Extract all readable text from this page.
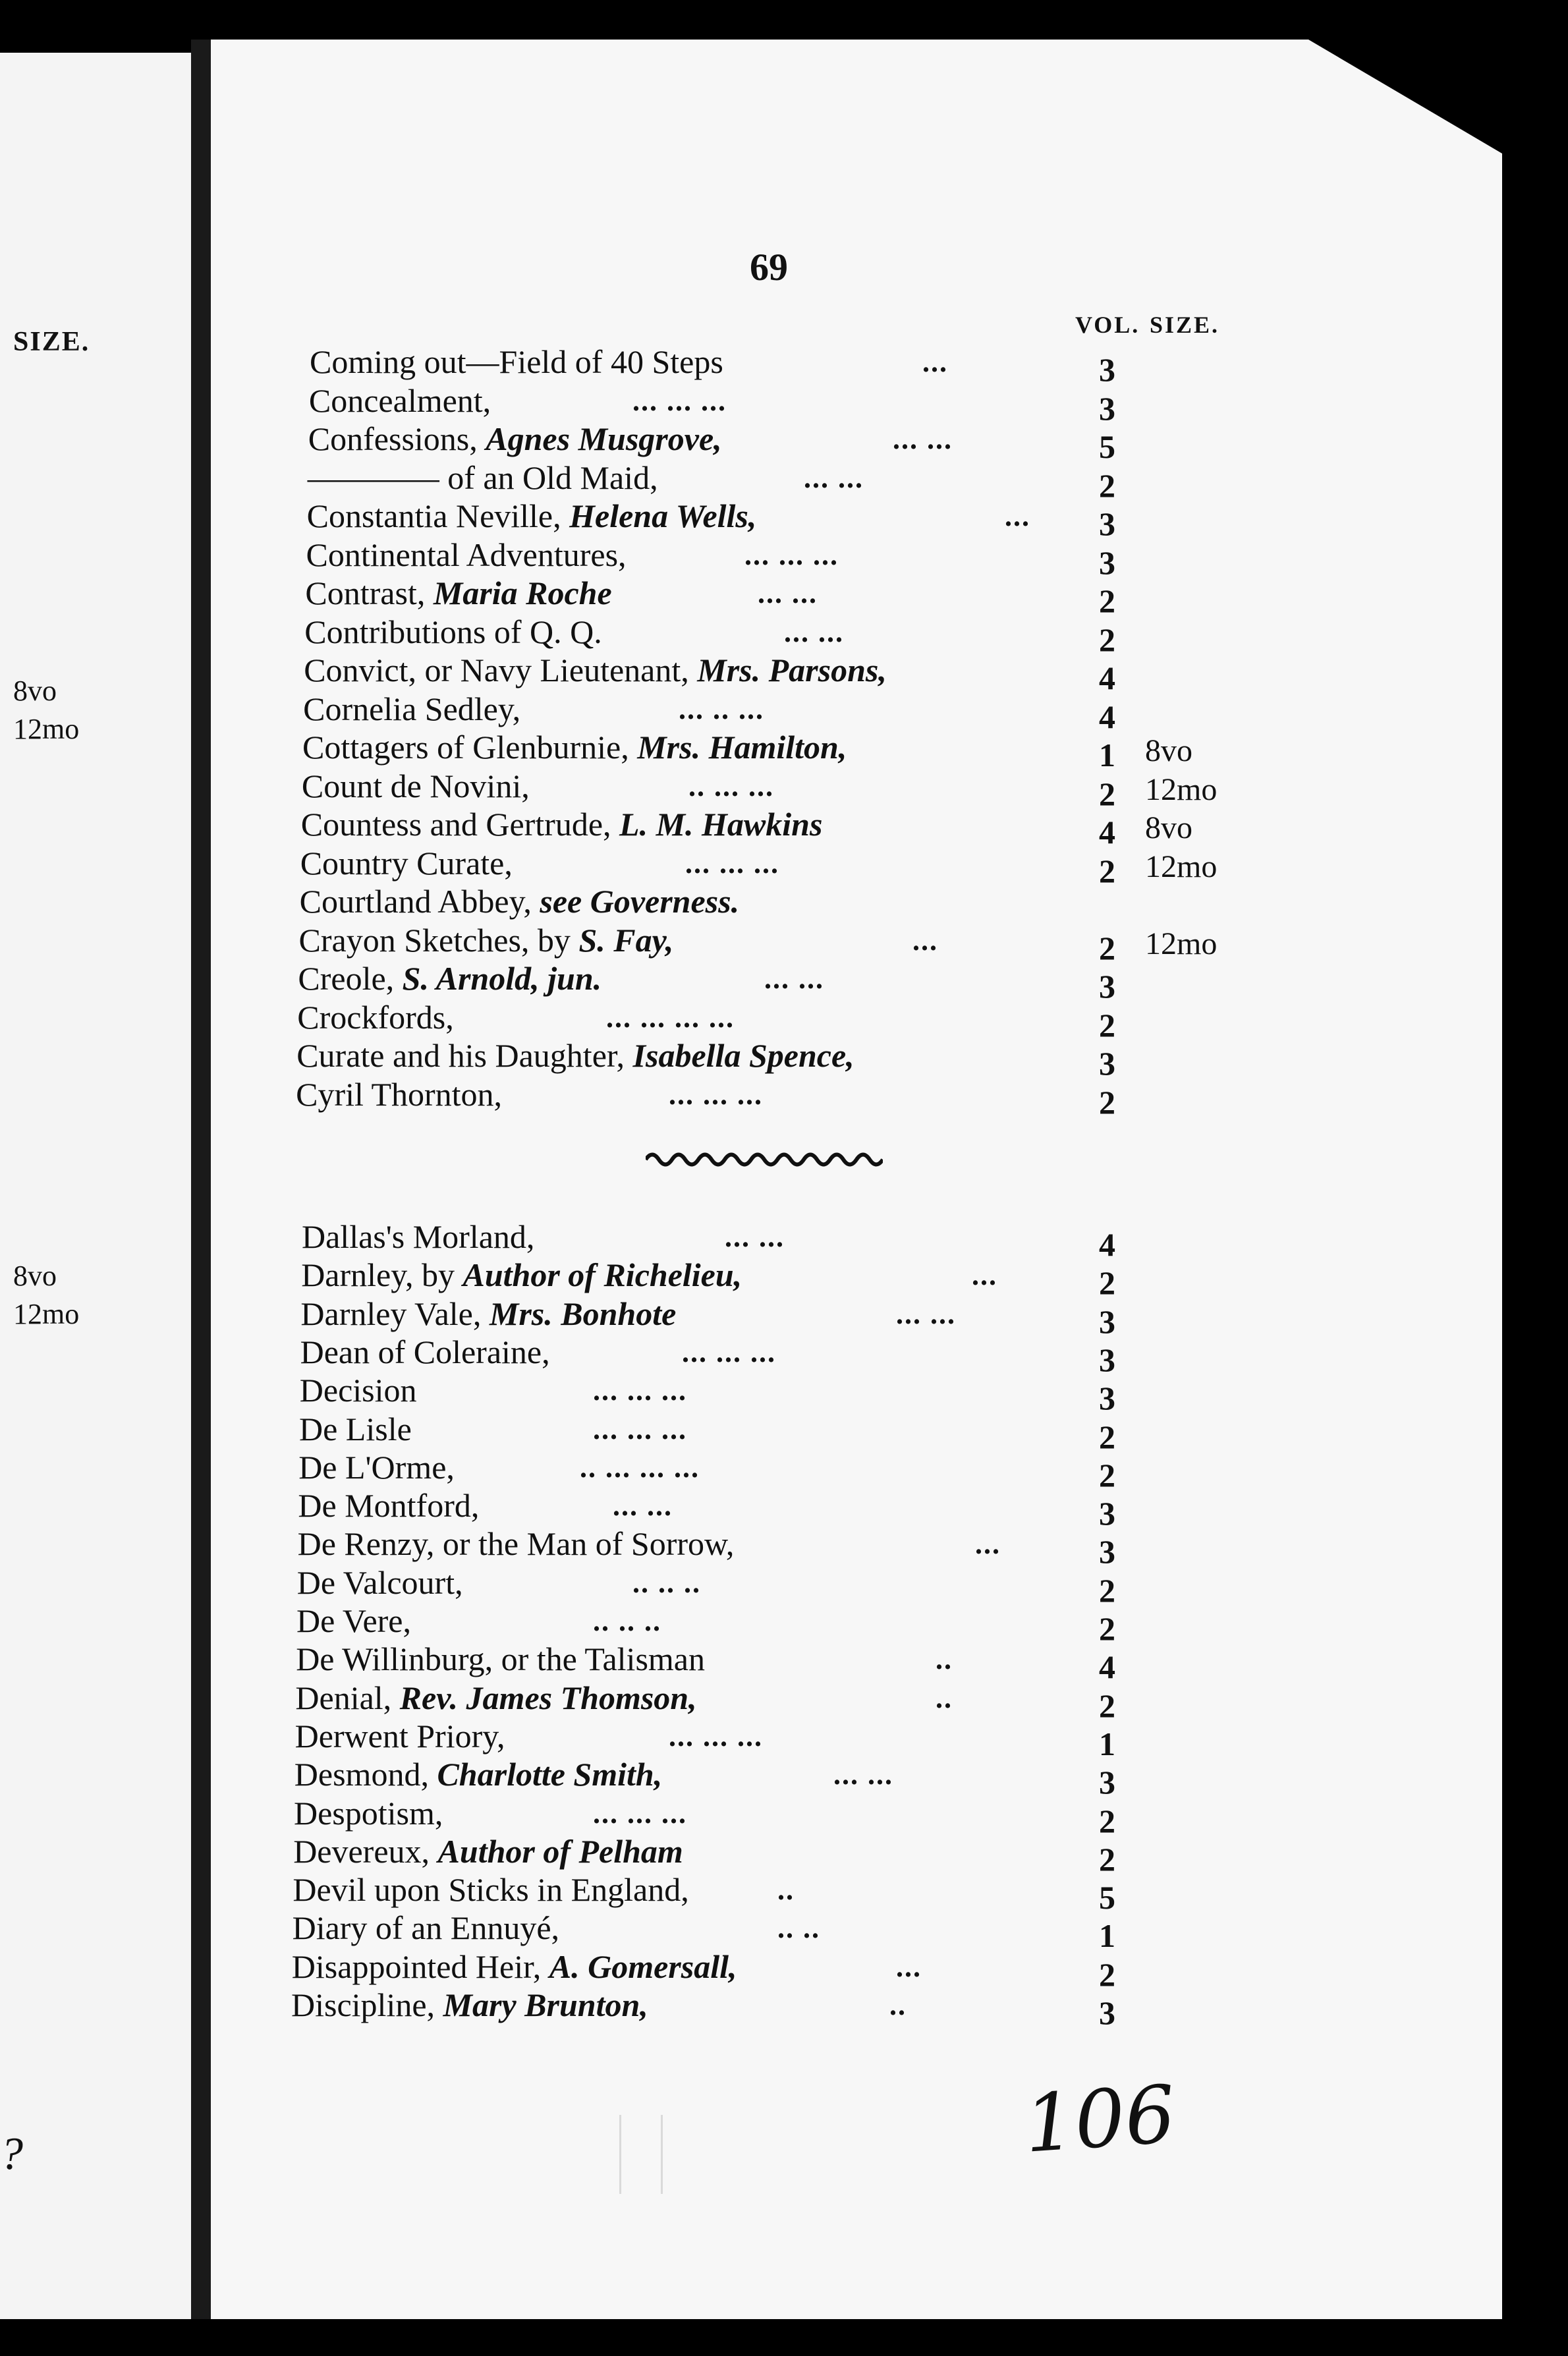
SIZE.
8vo
12mo
8vo
12mo
?
69
VOL. SIZE.
Coming out—Field of 40 Steps	...	3
Concealment,	... ... ...	3
Confessions, Agnes Musgrove,	... ...	5
———— of an Old Maid,	... ...	2
Constantia Neville, Helena Wells,	... 3
Continental Adventures,	... ... ...	3
Contrast, Maria Roche	... ...	2
Contributions of Q. Q.	... ...	2
Convict, or Navy Lieutenant, Mrs. Parsons,	4
Cornelia Sedley,	... .. ...	4
Cottagers of Glenburnie, Mrs. Hamilton,	1 8vo
Count de Novini,	.. ... ...	2 12mo
Countess and Gertrude, L. M. Hawkins	4 8vo
Country Curate,	... ... ...	2 12mo
Courtland Abbey, see Governess.
Crayon Sketches, by S. Fay,	...	2 12mo
Creole, S. Arnold, jun.	... ...	3
Crockfords,	... ... ... ...	2
Curate and his Daughter, Isabella Spence,	3
Cyril Thornton,	... ... ...	2
Dallas's Morland,	... ...	4
Darnley, by Author of Richelieu,	...	2
Darnley Vale, Mrs. Bonhote	... ...	3
Dean of Coleraine,	... ... ...	3
Decision	... ... ...	3
De Lisle	... ... ...	2
De L'Orme,	.. ... ... ...	2
De Montford,	... ...	3
De Renzy, or the Man of Sorrow,	...	3
De Valcourt,	.. .. ..	2
De Vere,	.. .. ..	2
De Willinburg, or the Talisman	..	4
Denial, Rev. James Thomson,	..	2
Derwent Priory,	... ... ...	1
Desmond, Charlotte Smith,	... ...	3
Despotism,	... ... ...	2
Devereux, Author of Pelham	2
Devil upon Sticks in England,	..	5
Diary of an Ennuyé,	.. ..	1
Disappointed Heir, A. Gomersall,	...	2
Discipline, Mary Brunton,	..	3
106
